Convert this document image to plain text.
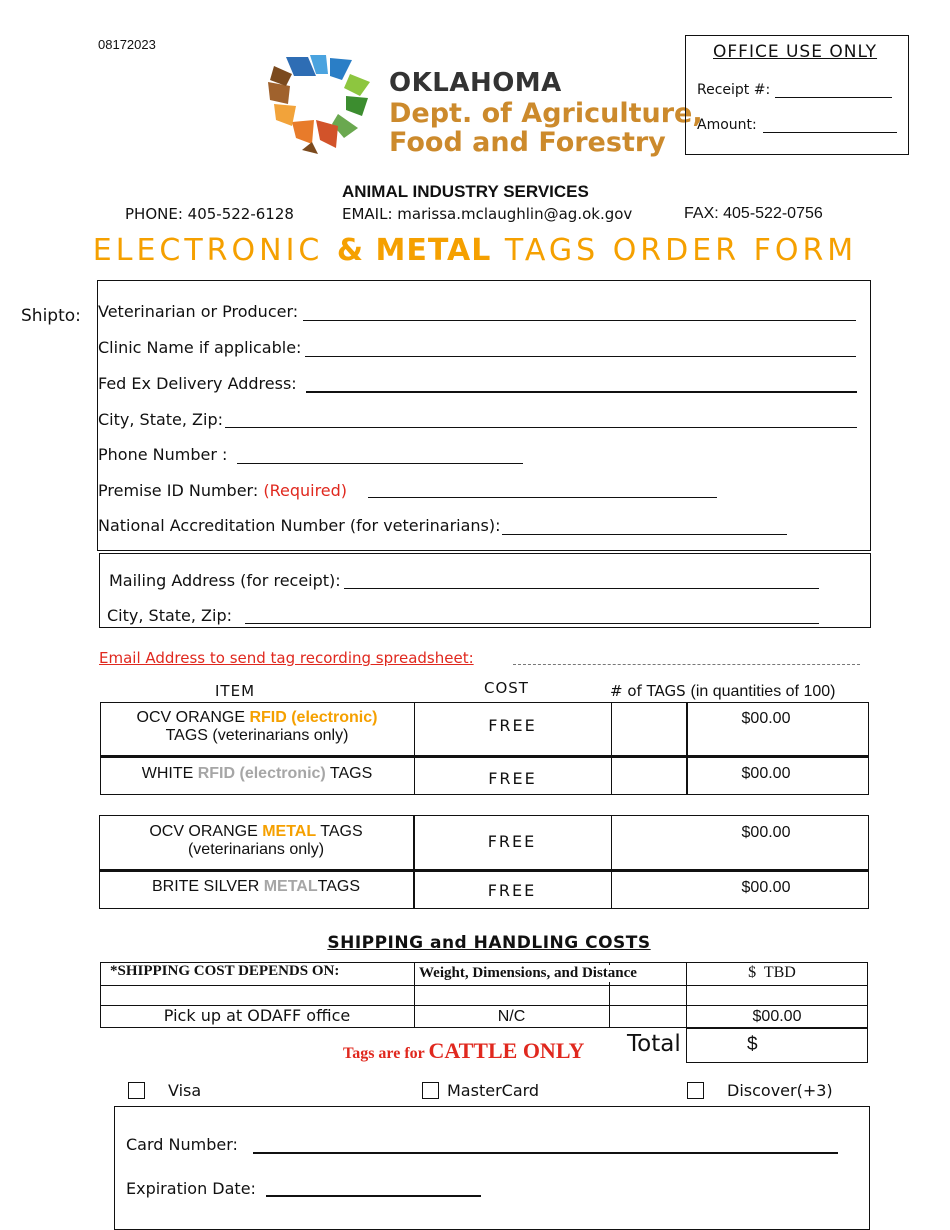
08172023
OKLAHOMA
Dept. of Agriculture,
Food and Forestry
OFFICE USE ONLY
Receipt #:
Amount:
ANIMAL INDUSTRY SERVICES
PHONE: 405-522-6128	EMAIL: marissa.mclaughlin@ag.ok.gov	FAX: 405-522-0756
ELECTRONIC & METAL TAGS ORDER FORM
Shipto: Veterinarian or Producer:
Clinic Name if applicable:
Fed Ex Delivery Address:
City, State, Zip:
Phone Number :
Premise ID Number: (Required)
National Accreditation Number (for veterinarians):
Mailing Address (for receipt):
City, State, Zip:
Email Address to send tag recording spreadsheet:
ITEM	COST	# of TAGS (in quantities of 100)
OCV ORANGE RFID (electronic)
TAGS (veterinarians only)
FREE	$00.00
WHITE RFID (electronic) TAGS	FREE	$00.00
OCV ORANGE METAL TAGS
(veterinarians only)	FREE	$00.00
BRITE SILVER METALTAGS	FREE	$00.00
SHIPPING and HANDLING COSTS
*SHIPPING COST DEPENDS ON:	Weight, Dimensions, and Distance	$  TBD
Pick up at ODAFF office	N/C	$00.00
Tags are for CATTLE ONLY Total	$
Visa	MasterCard	Discover(+3)
Card Number:
Expiration Date:
